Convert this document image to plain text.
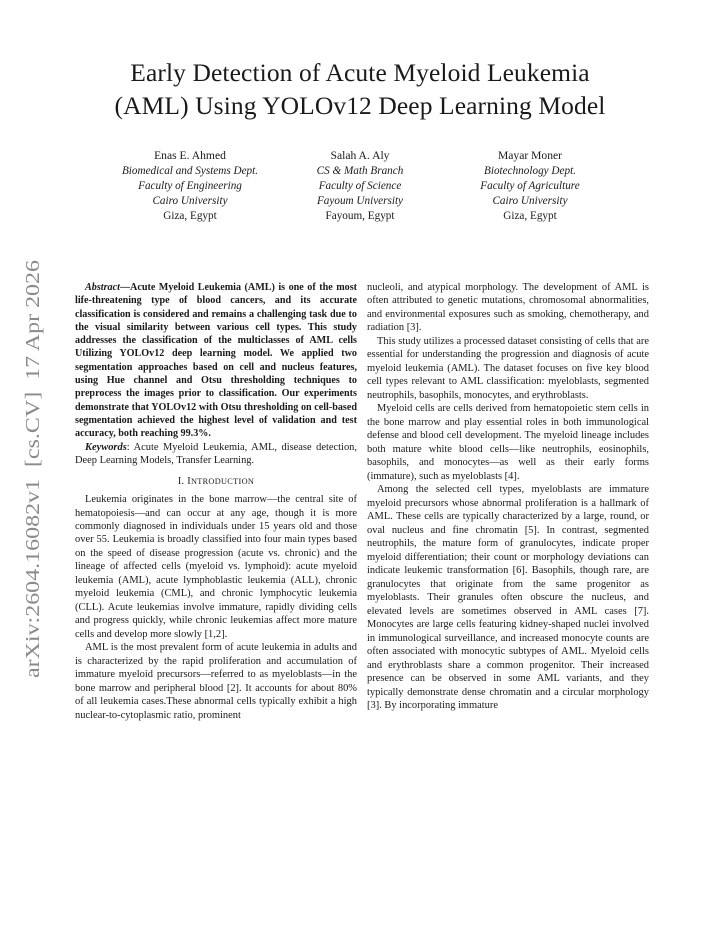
arXiv:2604.16082v1  [cs.CV]  17 Apr 2026
Early Detection of Acute Myeloid Leukemia
(AML) Using YOLOv12 Deep Learning Model
Enas E. Ahmed
Biomedical and Systems Dept.
Faculty of Engineering
Cairo University
Giza, Egypt
Salah A. Aly
CS & Math Branch
Faculty of Science
Fayoum University
Fayoum, Egypt
Mayar Moner
Biotechnology Dept.
Faculty of Agriculture
Cairo University
Giza, Egypt
Abstract—Acute Myeloid Leukemia (AML) is one of the most life-threatening type of blood cancers, and its accurate classification is considered and remains a challenging task due to the visual similarity between various cell types. This study addresses the classification of the multiclasses of AML cells Utilizing YOLOv12 deep learning model. We applied two segmentation approaches based on cell and nucleus features, using Hue channel and Otsu thresholding techniques to preprocess the images prior to classification. Our experiments demonstrate that YOLOv12 with Otsu thresholding on cell-based segmentation achieved the highest level of validation and test accuracy, both reaching 99.3%.

Keywords: Acute Myeloid Leukemia, AML, disease detection, Deep Learning Models, Transfer Learning.

I. INTRODUCTION

Leukemia originates in the bone marrow—the central site of hematopoiesis—and can occur at any age, though it is more commonly diagnosed in individuals under 15 years old and those over 55. Leukemia is broadly classified into four main types based on the speed of disease progression (acute vs. chronic) and the lineage of affected cells (myeloid vs. lymphoid): acute myeloid leukemia (AML), acute lymphoblastic leukemia (ALL), chronic myeloid leukemia (CML), and chronic lymphocytic leukemia (CLL). Acute leukemias involve immature, rapidly dividing cells and progress quickly, while chronic leukemias affect more mature cells and develop more slowly [1,2].

AML is the most prevalent form of acute leukemia in adults and is characterized by the rapid proliferation and accumulation of immature myeloid precursors—referred to as myeloblasts—in the bone marrow and peripheral blood [2]. It accounts for about 80% of all leukemia cases.These abnormal cells typically exhibit a high nuclear-to-cytoplasmic ratio, prominent

nucleoli, and atypical morphology. The development of AML is often attributed to genetic mutations, chromosomal abnormalities, and environmental exposures such as smoking, chemotherapy, and radiation [3].

This study utilizes a processed dataset consisting of cells that are essential for understanding the progression and diagnosis of acute myeloid leukemia (AML). The dataset focuses on five key blood cell types relevant to AML classification: myeloblasts, segmented neutrophils, basophils, monocytes, and erythroblasts.

Myeloid cells are cells derived from hematopoietic stem cells in the bone marrow and play essential roles in both immunological defense and blood cell development. The myeloid lineage includes both mature white blood cells—like neutrophils, eosinophils, basophils, and monocytes—as well as their early forms (immature), such as myeloblasts [4].

Among the selected cell types, myeloblasts are immature myeloid precursors whose abnormal proliferation is a hallmark of AML. These cells are typically characterized by a large, round, or oval nucleus and fine chromatin [5]. In contrast, segmented neutrophils, the mature form of granulocytes, indicate proper myeloid differentiation; their count or morphology deviations can indicate leukemic transformation [6]. Basophils, though rare, are granulocytes that originate from the same progenitor as myeloblasts. Their granules often obscure the nucleus, and elevated levels are sometimes observed in AML cases [7]. Monocytes are large cells featuring kidney-shaped nuclei involved in immunological surveillance, and increased monocyte counts are often associated with monocytic subtypes of AML. Myeloid cells and erythroblasts share a common progenitor. Their increased presence can be observed in some AML variants, and they typically demonstrate dense chromatin and a circular morphology [3]. By incorporating immature
